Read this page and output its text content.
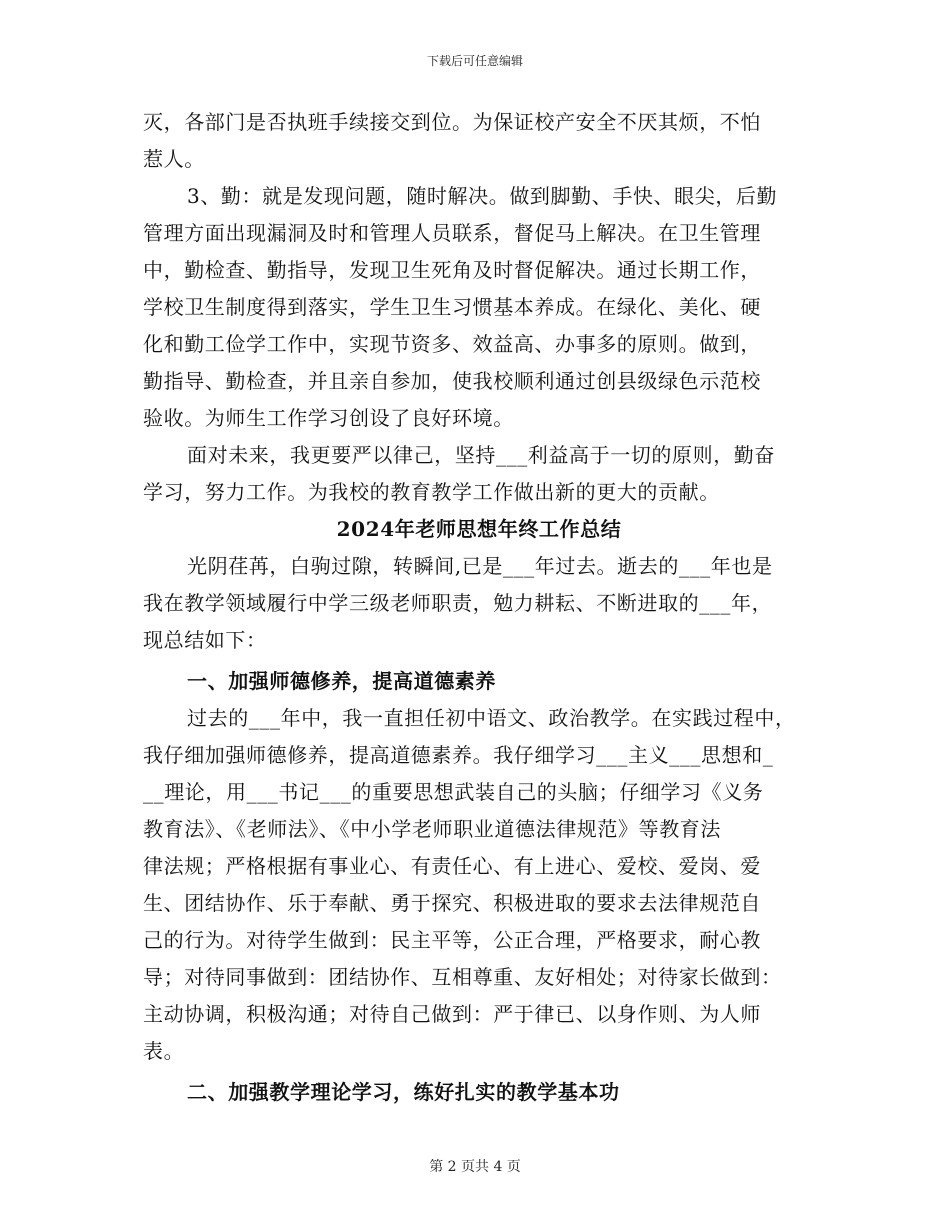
下载后可任意编辑
灭，各部门是否执班手续接交到位。为保证校产安全不厌其烦，不怕
惹人。
3、勤：就是发现问题，随时解决。做到脚勤、手快、眼尖，后勤
管理方面出现漏洞及时和管理人员联系，督促马上解决。在卫生管理
中，勤检查、勤指导，发现卫生死角及时督促解决。通过长期工作，
学校卫生制度得到落实，学生卫生习惯基本养成。在绿化、美化、硬
化和勤工俭学工作中，实现节资多、效益高、办事多的原则。做到，
勤指导、勤检查，并且亲自参加，使我校顺利通过创县级绿色示范校
验收。为师生工作学习创设了良好环境。
面对未来，我更要严以律己，坚持___利益高于一切的原则，勤奋
学习，努力工作。为我校的教育教学工作做出新的更大的贡献。
2024年老师思想年终工作总结
光阴荏苒，白驹过隙，转瞬间,已是___年过去。逝去的___年也是
我在教学领域履行中学三级老师职责，勉力耕耘、不断进取的___年，
现总结如下：
一、加强师德修养，提高道德素养
过去的___年中，我一直担任初中语文、政治教学。在实践过程中，
我仔细加强师德修养，提高道德素养。我仔细学习___主义___思想和_
__理论，用___书记___的重要思想武装自己的头脑；仔细学习《义务
教育法》、《老师法》、《中小学老师职业道德法律规范》等教育法
律法规；严格根据有事业心、有责任心、有上进心、爱校、爱岗、爱
生、团结协作、乐于奉献、勇于探究、积极进取的要求去法律规范自
己的行为。对待学生做到：民主平等，公正合理，严格要求，耐心教
导；对待同事做到：团结协作、互相尊重、友好相处；对待家长做到：
主动协调，积极沟通；对待自己做到：严于律已、以身作则、为人师
表。
二、加强教学理论学习，练好扎实的教学基本功
第 2 页共 4 页
